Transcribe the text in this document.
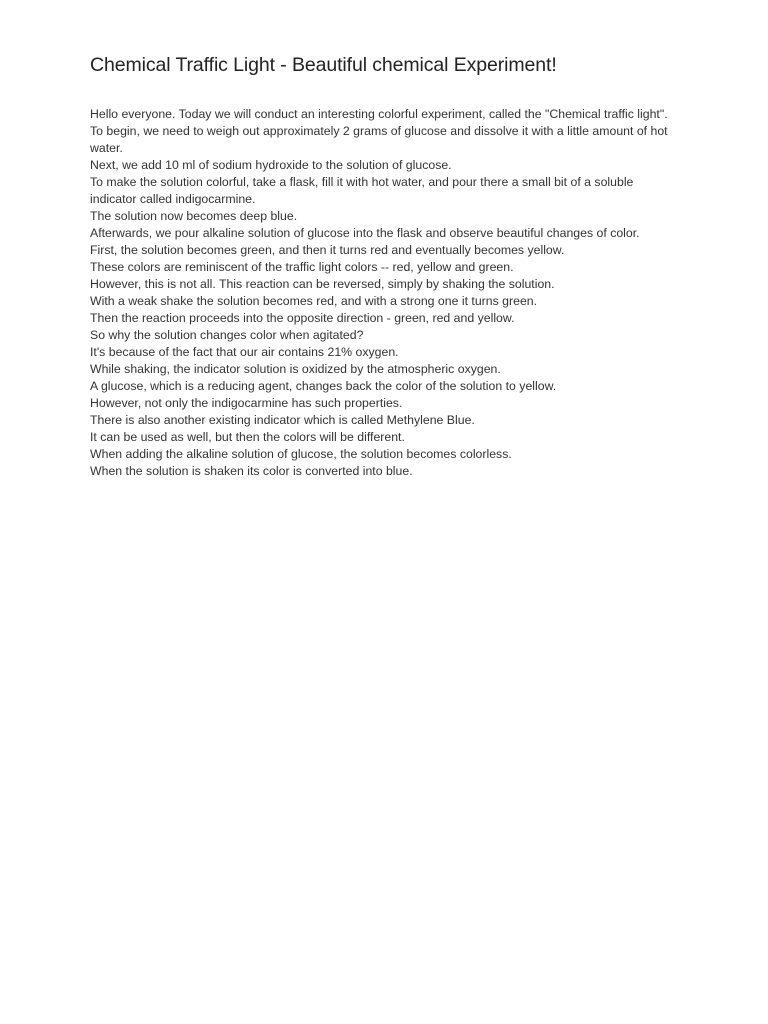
Chemical Traffic Light - Beautiful chemical Experiment!

Hello everyone. Today we will conduct an interesting colorful experiment, called the "Chemical traffic light".

To begin, we need to weigh out approximately 2 grams of glucose and dissolve it with a little amount of hot water.

Next, we add 10 ml of sodium hydroxide to the solution of glucose.

To make the solution colorful, take a flask, fill it with hot water, and pour there a small bit of a soluble indicator called indigocarmine.

The solution now becomes deep blue.

Afterwards, we pour alkaline solution of glucose into the flask and observe beautiful changes of color.

First, the solution becomes green, and then it turns red and eventually becomes yellow.

These colors are reminiscent of the traffic light colors -- red, yellow and green.

However, this is not all. This reaction can be reversed, simply by shaking the solution.

With a weak shake the solution becomes red, and with a strong one it turns green.

Then the reaction proceeds into the opposite direction - green, red and yellow.

So why the solution changes color when agitated?

It's because of the fact that our air contains 21% oxygen.

While shaking, the indicator solution is oxidized by the atmospheric oxygen.

A glucose, which is a reducing agent, changes back the color of the solution to yellow.

However, not only the indigocarmine has such properties.

There is also another existing indicator which is called Methylene Blue.

It can be used as well, but then the colors will be different.

When adding the alkaline solution of glucose, the solution becomes colorless.

When the solution is shaken its color is converted into blue.
